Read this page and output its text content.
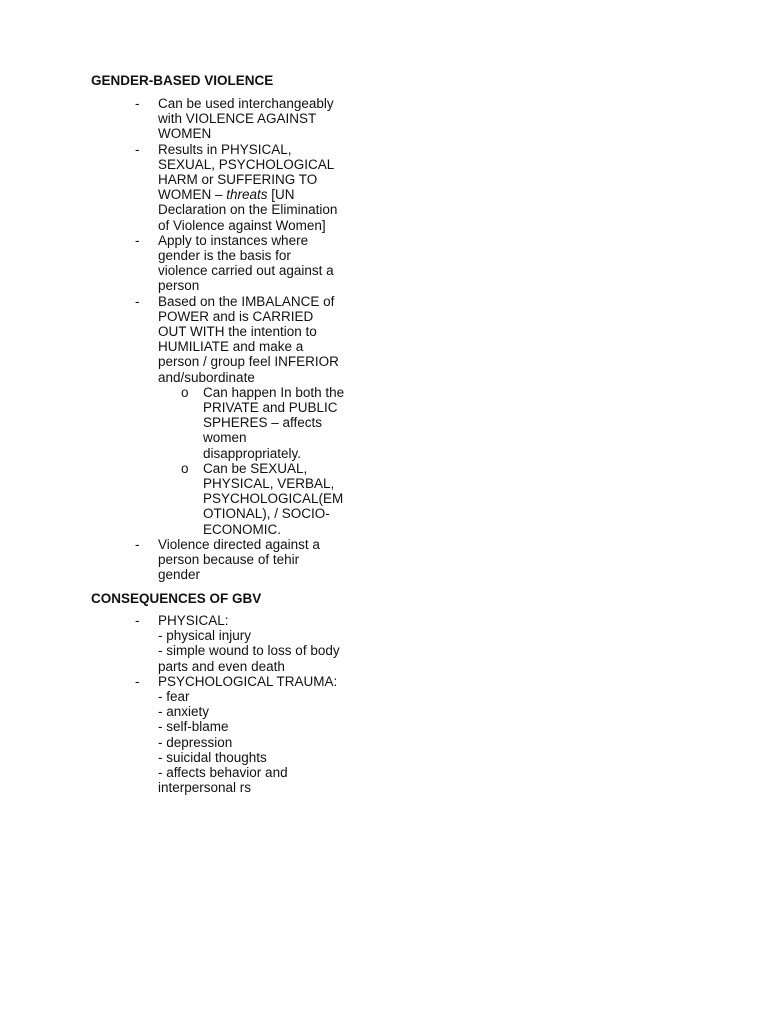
GENDER-BASED VIOLENCE
- Can be used interchangeably
with VIOLENCE AGAINST
WOMEN
- Results in PHYSICAL,
SEXUAL, PSYCHOLOGICAL
HARM or SUFFERING TO
WOMEN – threats [UN
Declaration on the Elimination
of Violence against Women]
- Apply to instances where
gender is the basis for
violence carried out against a
person
- Based on the IMBALANCE of
POWER and is CARRIED
OUT WITH the intention to
HUMILIATE and make a
person / group feel INFERIOR
and/subordinate
o Can happen In both the
PRIVATE and PUBLIC
SPHERES – affects
women
disappropriately.
o Can be SEXUAL,
PHYSICAL, VERBAL,
PSYCHOLOGICAL(EM
OTIONAL), / SOCIO-
ECONOMIC.
- Violence directed against a
person because of tehir
gender
CONSEQUENCES OF GBV
- PHYSICAL:
- physical injury
- simple wound to loss of body
parts and even death
- PSYCHOLOGICAL TRAUMA:
- fear
- anxiety
- self-blame
- depression
- suicidal thoughts
- affects behavior and
interpersonal rs
